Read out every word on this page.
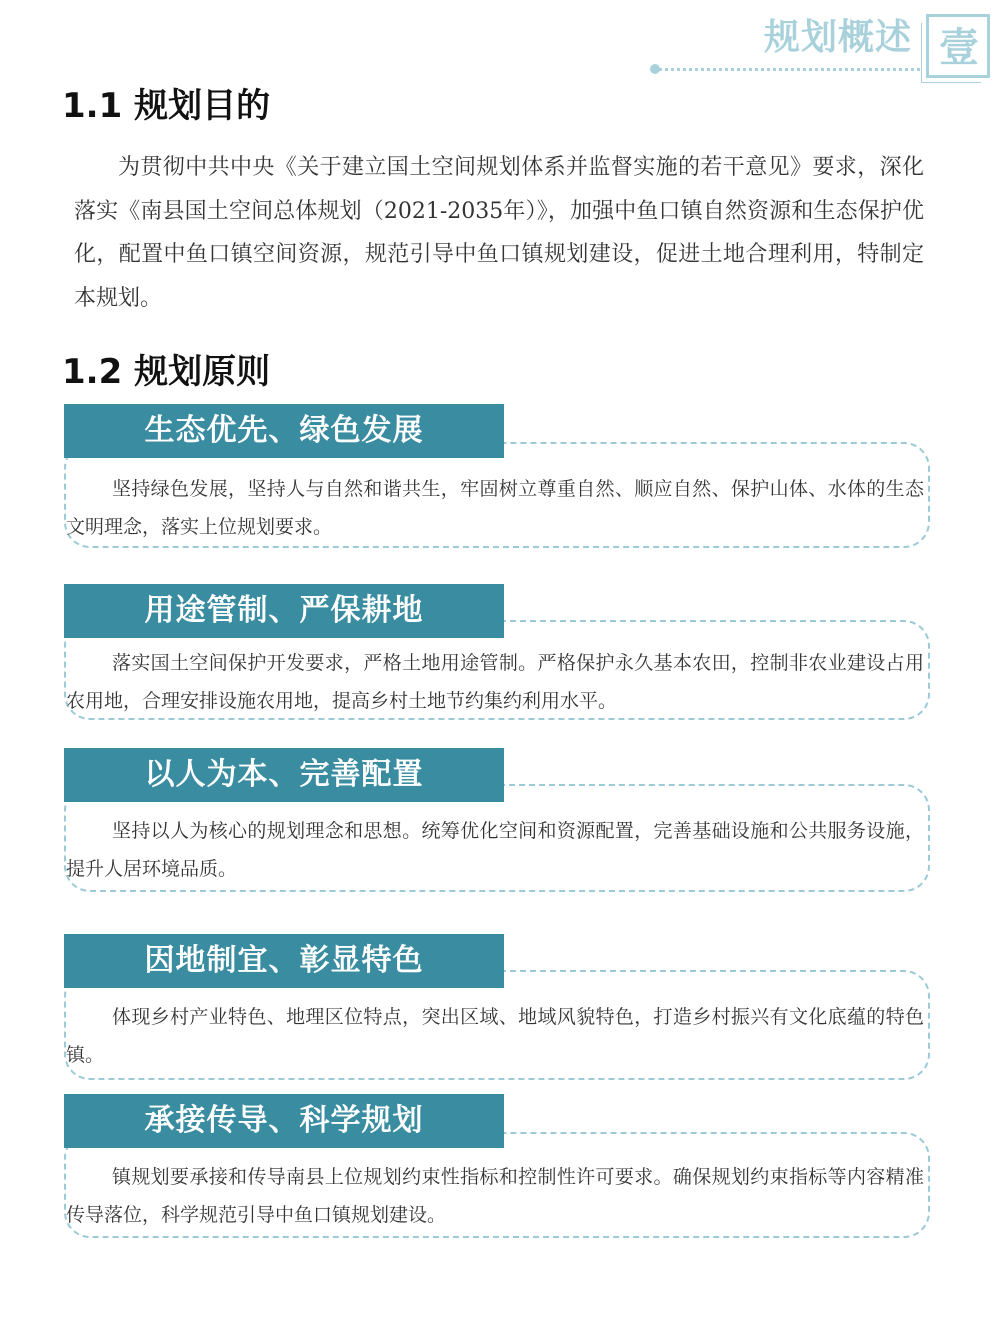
规划概述 壹
1.1 规划目的

为贯彻中共中央《关于建立国土空间规划体系并监督实施的若干意见》要求，深化落实《南县国土空间总体规划（2021-2035年）》，加强中鱼口镇自然资源和生态保护优化，配置中鱼口镇空间资源，规范引导中鱼口镇规划建设，促进土地合理利用，特制定本规划。

1.2 规划原则
生态优先、绿色发展

坚持绿色发展，坚持人与自然和谐共生，牢固树立尊重自然、顺应自然、保护山体、水体的生态文明理念，落实上位规划要求。

用途管制、严保耕地

落实国土空间保护开发要求，严格土地用途管制。严格保护永久基本农田，控制非农业建设占用农用地，合理安排设施农用地，提高乡村土地节约集约利用水平。

以人为本、完善配置

坚持以人为核心的规划理念和思想。统筹优化空间和资源配置，完善基础设施和公共服务设施，提升人居环境品质。

因地制宜、彰显特色

体现乡村产业特色、地理区位特点，突出区域、地域风貌特色，打造乡村振兴有文化底蕴的特色镇。

承接传导、科学规划

镇规划要承接和传导南县上位规划约束性指标和控制性许可要求。确保规划约束指标等内容精准传导落位，科学规范引导中鱼口镇规划建设。
